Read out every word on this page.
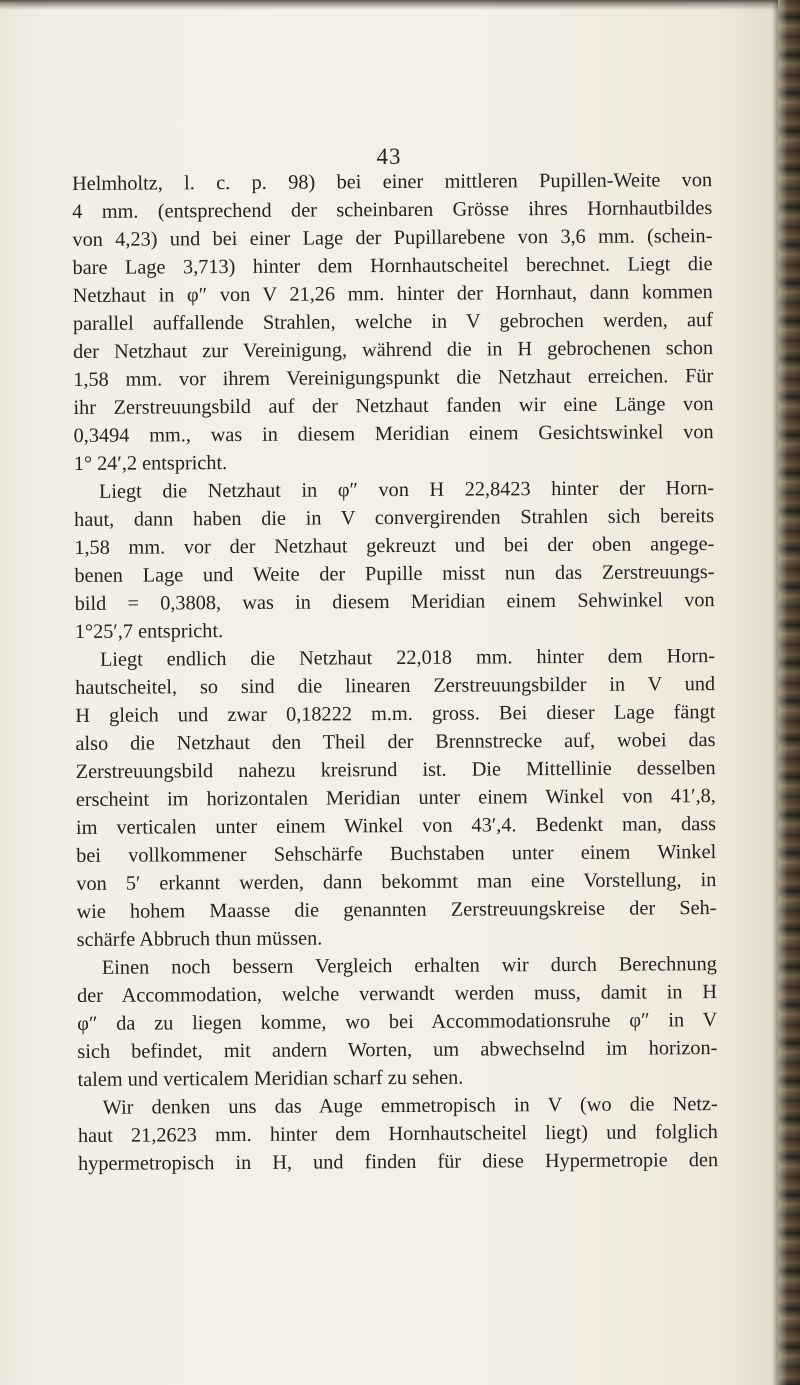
43
Helmholtz, l. c. p. 98) bei einer mittleren Pupillen-Weite von
4 mm. (entsprechend der scheinbaren Grösse ihres Hornhautbildes
von 4,23) und bei einer Lage der Pupillarebene von 3,6 mm. (schein-
bare Lage 3,713) hinter dem Hornhautscheitel berechnet. Liegt die
Netzhaut in φ″ von V 21,26 mm. hinter der Hornhaut, dann kommen
parallel auffallende Strahlen, welche in V gebrochen werden, auf
der Netzhaut zur Vereinigung, während die in H gebrochenen schon
1,58 mm. vor ihrem Vereinigungspunkt die Netzhaut erreichen. Für
ihr Zerstreuungsbild auf der Netzhaut fanden wir eine Länge von
0,3494 mm., was in diesem Meridian einem Gesichtswinkel von
1° 24′,2 entspricht.
Liegt die Netzhaut in φ″ von H 22,8423 hinter der Horn-
haut, dann haben die in V convergirenden Strahlen sich bereits
1,58 mm. vor der Netzhaut gekreuzt und bei der oben angege-
benen Lage und Weite der Pupille misst nun das Zerstreuungs-
bild = 0,3808, was in diesem Meridian einem Sehwinkel von
1°25′,7 entspricht.
Liegt endlich die Netzhaut 22,018 mm. hinter dem Horn-
hautscheitel, so sind die linearen Zerstreuungsbilder in V und
H gleich und zwar 0,18222 m.m. gross. Bei dieser Lage fängt
also die Netzhaut den Theil der Brennstrecke auf, wobei das
Zerstreuungsbild nahezu kreisrund ist. Die Mittellinie desselben
erscheint im horizontalen Meridian unter einem Winkel von 41′,8,
im verticalen unter einem Winkel von 43′,4. Bedenkt man, dass
bei vollkommener Sehschärfe Buchstaben unter einem Winkel
von 5′ erkannt werden, dann bekommt man eine Vorstellung, in
wie hohem Maasse die genannten Zerstreuungskreise der Seh-
schärfe Abbruch thun müssen.
Einen noch bessern Vergleich erhalten wir durch Berechnung
der Accommodation, welche verwandt werden muss, damit in H
φ″ da zu liegen komme, wo bei Accommodationsruhe φ″ in V
sich befindet, mit andern Worten, um abwechselnd im horizon-
talem und verticalem Meridian scharf zu sehen.
Wir denken uns das Auge emmetropisch in V (wo die Netz-
haut 21,2623 mm. hinter dem Hornhautscheitel liegt) und folglich
hypermetropisch in H, und finden für diese Hypermetropie den
